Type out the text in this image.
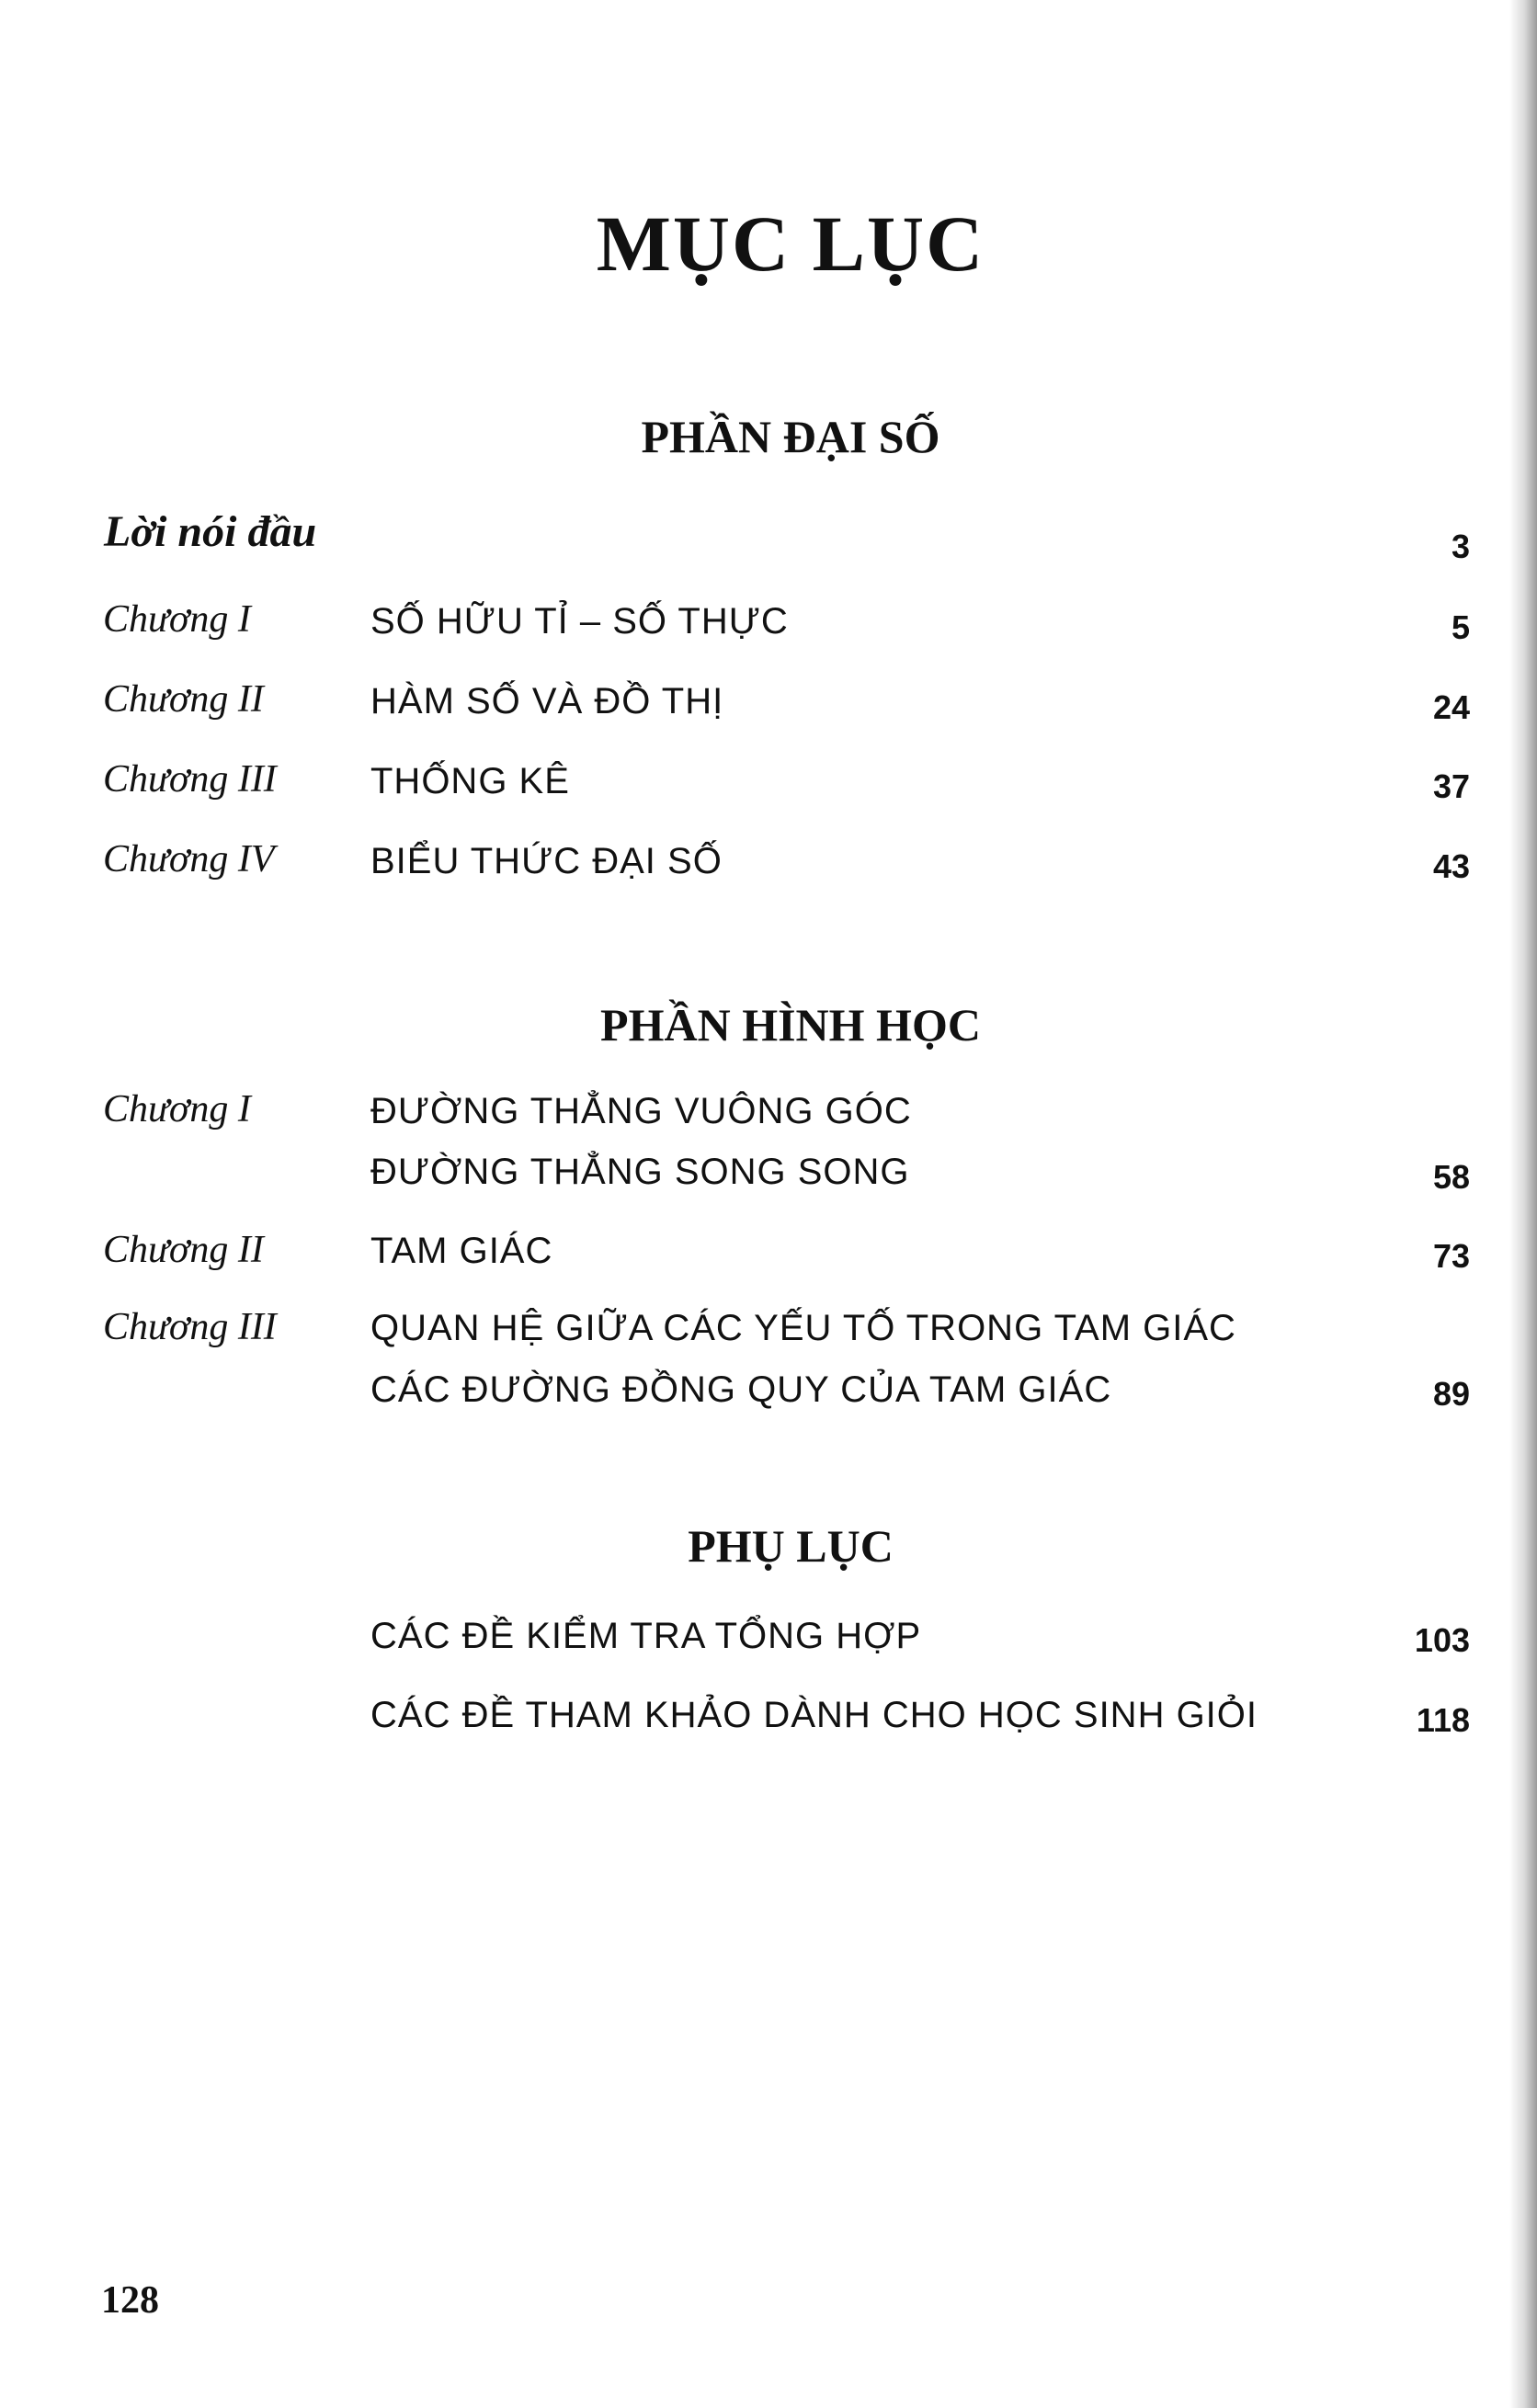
MỤC LỤC
PHẦN ĐẠI SỐ
Lời nói đầu	3
Chương I	SỐ HỮU TỈ – SỐ THỰC	5
Chương II	HÀM SỐ VÀ ĐỒ THỊ	24
Chương III	THỐNG KÊ	37
Chương IV	BIỂU THỨC ĐẠI SỐ	43
PHẦN HÌNH HỌC
Chương I	ĐƯỜNG THẲNG VUÔNG GÓC
ĐƯỜNG THẲNG SONG SONG	58
Chương II	TAM GIÁC	73
Chương III	QUAN HỆ GIỮA CÁC YẾU TỐ TRONG TAM GIÁC
CÁC ĐƯỜNG ĐỒNG QUY CỦA TAM GIÁC	89
PHỤ LỤC
CÁC ĐỀ KIỂM TRA TỔNG HỢP	103
CÁC ĐỀ THAM KHẢO DÀNH CHO HỌC SINH GIỎI	118
128
